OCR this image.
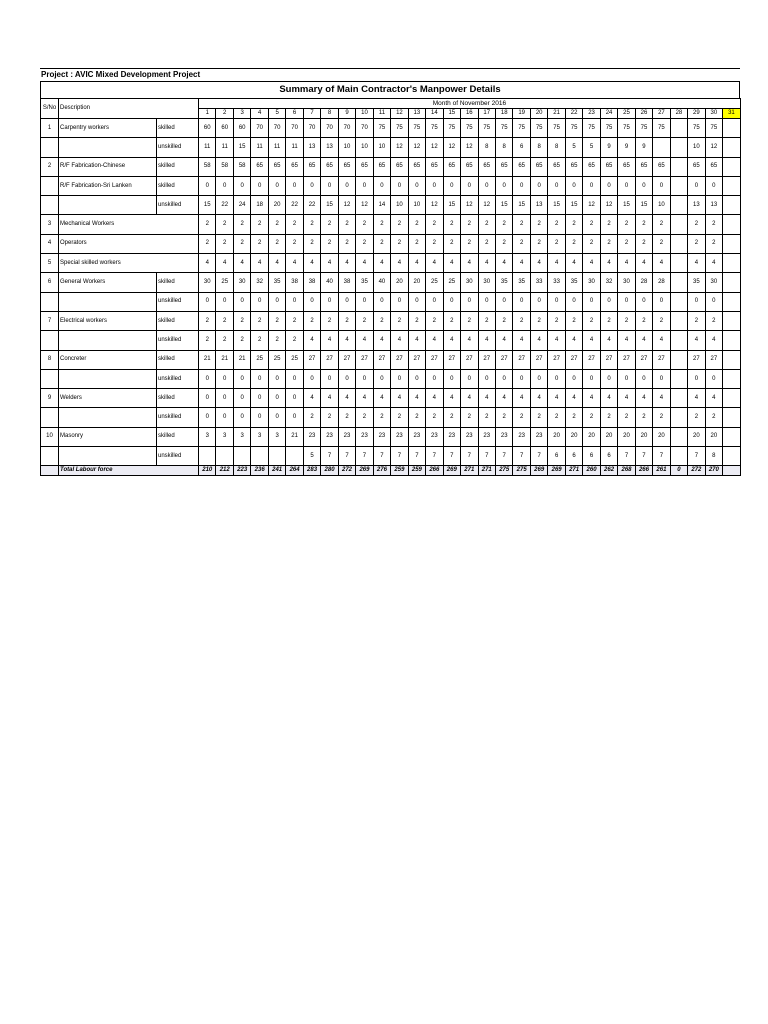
Project : AVIC Mixed Development Project
Summary of Main Contractor's Manpower Details
S/No	Description		Month of November 2016																														
			1	2	3	4	5	6	7	8	9	10	11	12	13	14	15	16	17	18	19	20	21	22	23	24	25	26	27	28	29	30	31
1	Carpentry workers	skilled	60	60	60	70	70	70	70	70	70	70	75	75	75	75	75	75	75	75	75	75	75	75	75	75	75	75	75		75	75	
		unskilled	11	11	15	11	11	11	13	13	10	10	10	12	12	12	12	12	8	8	6	8	8	5	5	9	9	9			10	12	
2	R/F Fabrication-Chinese	skilled	58	58	58	65	65	65	65	65	65	65	65	65	65	65	65	65	65	65	65	65	65	65	65	65	65	65	65		65	65	
	R/F Fabrication-Sri Lanken	skilled	0	0	0	0	0	0	0	0	0	0	0	0	0	0	0	0	0	0	0	0	0	0	0	0	0	0	0		0	0	
		unskilled	15	22	24	18	20	22	22	15	12	12	14	10	10	12	15	12	12	15	15	13	15	15	12	12	15	15	10		13	13	
3	Mechanical Workers		2	2	2	2	2	2	2	2	2	2	2	2	2	2	2	2	2	2	2	2	2	2	2	2	2	2	2		2	2	
4	Operators		2	2	2	2	2	2	2	2	2	2	2	2	2	2	2	2	2	2	2	2	2	2	2	2	2	2	2		2	2	
5	Special skilled workers		4	4	4	4	4	4	4	4	4	4	4	4	4	4	4	4	4	4	4	4	4	4	4	4	4	4	4		4	4	
6	General Workers	skilled	30	25	30	32	35	38	38	40	38	35	40	20	20	25	25	30	30	35	35	33	33	35	30	32	30	28	28		35	30	
		unskilled	0	0	0	0	0	0	0	0	0	0	0	0	0	0	0	0	0	0	0	0	0	0	0	0	0	0	0		0	0	
7	Electrical workers	skilled	2	2	2	2	2	2	2	2	2	2	2	2	2	2	2	2	2	2	2	2	2	2	2	2	2	2	2		2	2	
		unskilled	2	2	2	2	2	2	4	4	4	4	4	4	4	4	4	4	4	4	4	4	4	4	4	4	4	4	4		4	4	
8	Concreter	skilled	21	21	21	25	25	25	27	27	27	27	27	27	27	27	27	27	27	27	27	27	27	27	27	27	27	27	27		27	27	
		unskilled	0	0	0	0	0	0	0	0	0	0	0	0	0	0	0	0	0	0	0	0	0	0	0	0	0	0	0		0	0	
9	Welders	skilled	0	0	0	0	0	0	4	4	4	4	4	4	4	4	4	4	4	4	4	4	4	4	4	4	4	4	4		4	4	
		unskilled	0	0	0	0	0	0	2	2	2	2	2	2	2	2	2	2	2	2	2	2	2	2	2	2	2	2	2		2	2	
10	Masonry	skilled	3	3	3	3	3	21	23	23	23	23	23	23	23	23	23	23	23	23	23	23	20	20	20	20	20	20	20		20	20	
		unskilled							5	7	7	7	7	7	7	7	7	7	7	7	7	7	6	6	6	6	7	7	7		7	8	
	Total Labour force		210	212	223	236	241	264	283	280	272	269	276	259	259	266	269	271	271	275	275	269	269	271	260	262	268	266	261	0	272	270	
